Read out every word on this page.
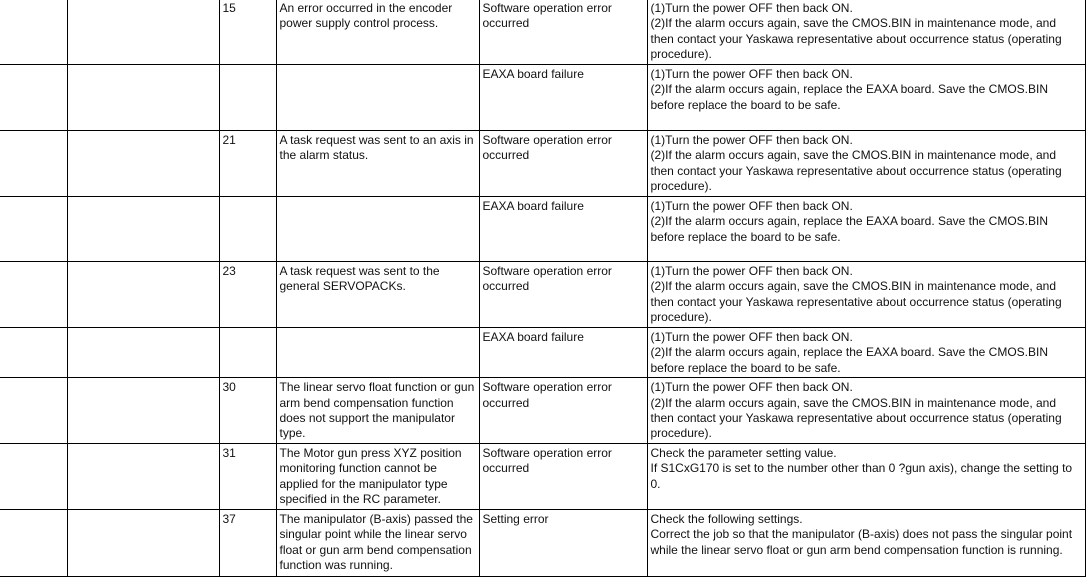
		15	An error occurred in the encoder power supply control process.	Software operation error occurred	(1)Turn the power OFF then back ON.
(2)If the alarm occurs again, save the CMOS.BIN in maintenance mode, and then contact your Yaskawa representative about occurrence status (operating procedure).

				EAXA board failure	(1)Turn the power OFF then back ON.
(2)If the alarm occurs again, replace the EAXA board. Save the CMOS.BIN before replace the board to be safe.

		21	A task request was sent to an axis in the alarm status.	Software operation error occurred	(1)Turn the power OFF then back ON.
(2)If the alarm occurs again, save the CMOS.BIN in maintenance mode, and then contact your Yaskawa representative about occurrence status (operating procedure).

				EAXA board failure	(1)Turn the power OFF then back ON.
(2)If the alarm occurs again, replace the EAXA board. Save the CMOS.BIN before replace the board to be safe.

		23	A task request was sent to the general SERVOPACKs.	Software operation error occurred	(1)Turn the power OFF then back ON.
(2)If the alarm occurs again, save the CMOS.BIN in maintenance mode, and then contact your Yaskawa representative about occurrence status (operating procedure).

				EAXA board failure	(1)Turn the power OFF then back ON.
(2)If the alarm occurs again, replace the EAXA board. Save the CMOS.BIN before replace the board to be safe.

		30	The linear servo float function or gun arm bend compensation function does not support the manipulator type.	Software operation error occurred	(1)Turn the power OFF then back ON.
(2)If the alarm occurs again, save the CMOS.BIN in maintenance mode, and then contact your Yaskawa representative about occurrence status (operating procedure).

		31	The Motor gun press XYZ position monitoring function cannot be applied for the manipulator type specified in the RC parameter.	Software operation error occurred	Check the parameter setting value.
If S1CxG170 is set to the number other than 0 ?gun axis), change the setting to 0.

		37	The manipulator (B-axis) passed the singular point while the linear servo float or gun arm bend compensation function was running.	Setting error	Check the following settings.
Correct the job so that the manipulator (B-axis) does not pass the singular point while the linear servo float or gun arm bend compensation function is running.
